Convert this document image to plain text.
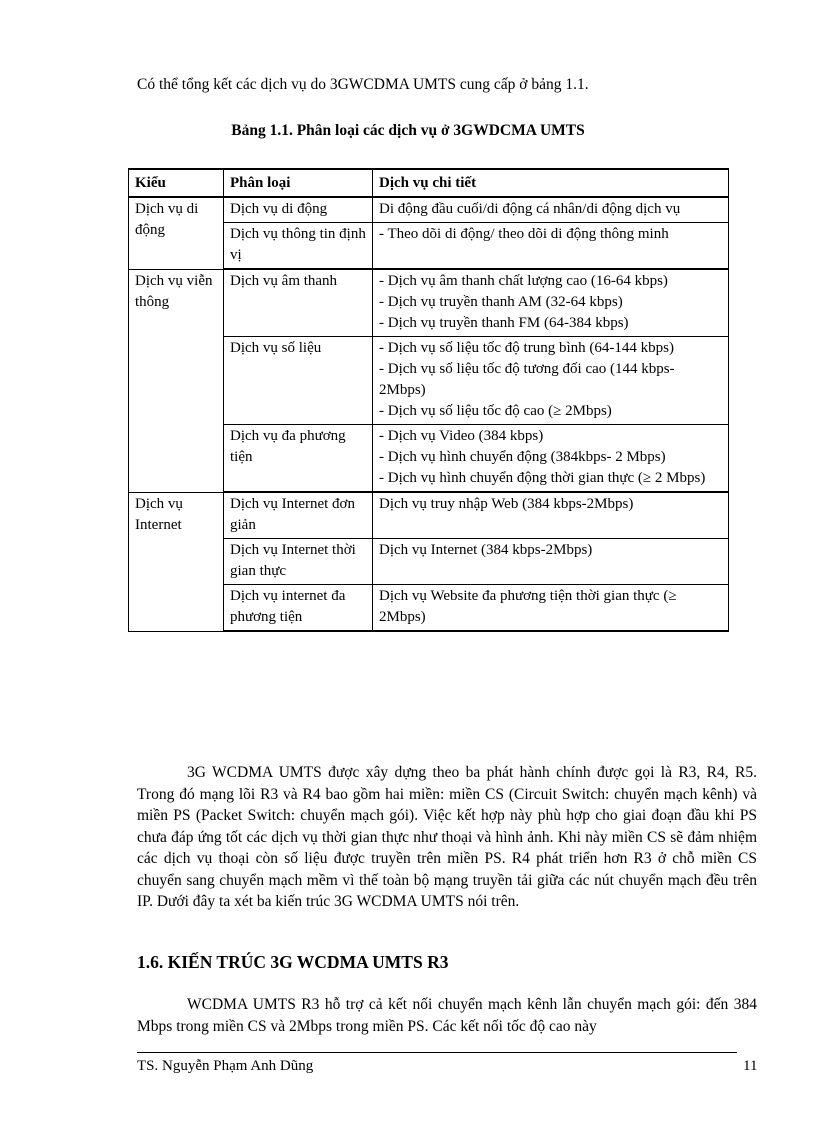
Có thể tổng kết các dịch vụ do 3GWCDMA UMTS cung cấp ở bảng 1.1.
Bảng 1.1. Phân loại các dịch vụ ở 3GWDCMA UMTS
Kiểu	Phân loại	Dịch vụ chi tiết
Dịch vụ di động	Dịch vụ di động	Di động đầu cuối/di động cá nhân/di động dịch vụ

	Dịch vụ thông tin định vị	- Theo dõi di động/ theo dõi di động thông minh

Dịch vụ viễn thông	Dịch vụ âm thanh	- Dịch vụ âm thanh chất lượng cao (16-64 kbps)
- Dịch vụ truyền thanh AM (32-64 kbps)
- Dịch vụ truyền thanh FM (64-384 kbps)

	Dịch vụ số liệu	- Dịch vụ số liệu tốc độ trung bình (64-144 kbps)
- Dịch vụ số liệu tốc độ tương đối cao (144 kbps- 2Mbps)
- Dịch vụ số liệu tốc độ cao (≥ 2Mbps)

	Dịch vụ đa phương tiện	- Dịch vụ Video (384 kbps)
- Dịch vụ hình chuyển động (384kbps- 2 Mbps)
- Dịch vụ hình chuyển động thời gian thực (≥ 2 Mbps)

Dịch vụ Internet	Dịch vụ Internet đơn giản	Dịch vụ truy nhập Web (384 kbps-2Mbps)

	Dịch vụ Internet thời gian thực	Dịch vụ Internet (384 kbps-2Mbps)

	Dịch vụ internet đa phương tiện	Dịch vụ Website đa phương tiện thời gian thực (≥ 2Mbps)
3G WCDMA UMTS được xây dựng theo ba phát hành chính được gọi là R3, R4, R5. Trong đó mạng lõi R3 và R4 bao gồm hai miền: miền CS (Circuit Switch: chuyển mạch kênh) và miền PS (Packet Switch: chuyển mạch gói). Việc kết hợp này phù hợp cho giai đoạn đầu khi PS chưa đáp ứng tốt các dịch vụ thời gian thực như thoại và hình ảnh. Khi này miền CS sẽ đảm nhiệm các dịch vụ thoại còn số liệu được truyền trên miền PS. R4 phát triển hơn R3 ở chỗ miền CS chuyển sang chuyển mạch mềm vì thế toàn bộ mạng truyền tải giữa các nút chuyển mạch đều trên IP. Dưới đây ta xét ba kiến trúc 3G WCDMA UMTS nói trên.
1.6. KIẾN TRÚC 3G WCDMA UMTS R3
WCDMA UMTS R3 hỗ trợ cả kết nối chuyển mạch kênh lẫn chuyển mạch gói: đến 384 Mbps trong miền CS và 2Mbps trong miền PS. Các kết nối tốc độ cao này
TS. Nguyễn Phạm Anh Dũng	11
